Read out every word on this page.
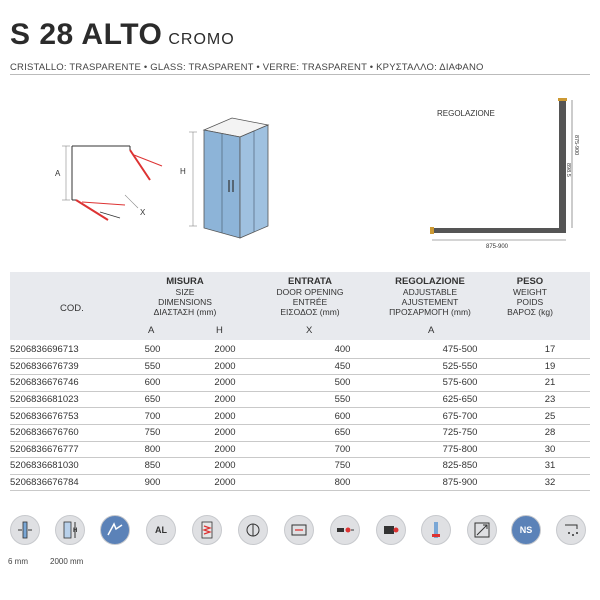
S 28 ALTO CROMO
CRISTALLO: TRASPARENTE • GLASS: TRASPARENT • VERRE: TRASPARENT • ΚΡΥΣΤΑΛΛΟ: ΔΙΑΦΑΝΟ
A
X
H
REGOLAZIONE
875-900
898.5
875-900
COD.
MISURA
SIZE
DIMENSIONS
ΔΙΑΣΤΑΣΗ (mm)
A	H
ENTRATA
DOOR OPENING
ENTRÉE
ΕΙΣΟΔΟΣ (mm)
X
REGOLAZIONE
ADJUSTABLE
AJUSTEMENT
ΠΡΟΣΑΡΜΟΓΗ (mm)
A
PESO
WEIGHT
POIDS
ΒΑΡΟΣ (kg)
5206836696713	500	2000	400	475-500	17
5206836676739	550	2000	450	525-550	19
5206836676746	600	2000	500	575-600	21
5206836681023	650	2000	550	625-650	23
5206836676753	700	2000	600	675-700	25
5206836676760	750	2000	650	725-750	28
5206836676777	800	2000	700	775-800	30
5206836681030	850	2000	750	825-850	31
5206836676784	900	2000	800	875-900	32
H	AL	NS
6 mm	2000 mm
